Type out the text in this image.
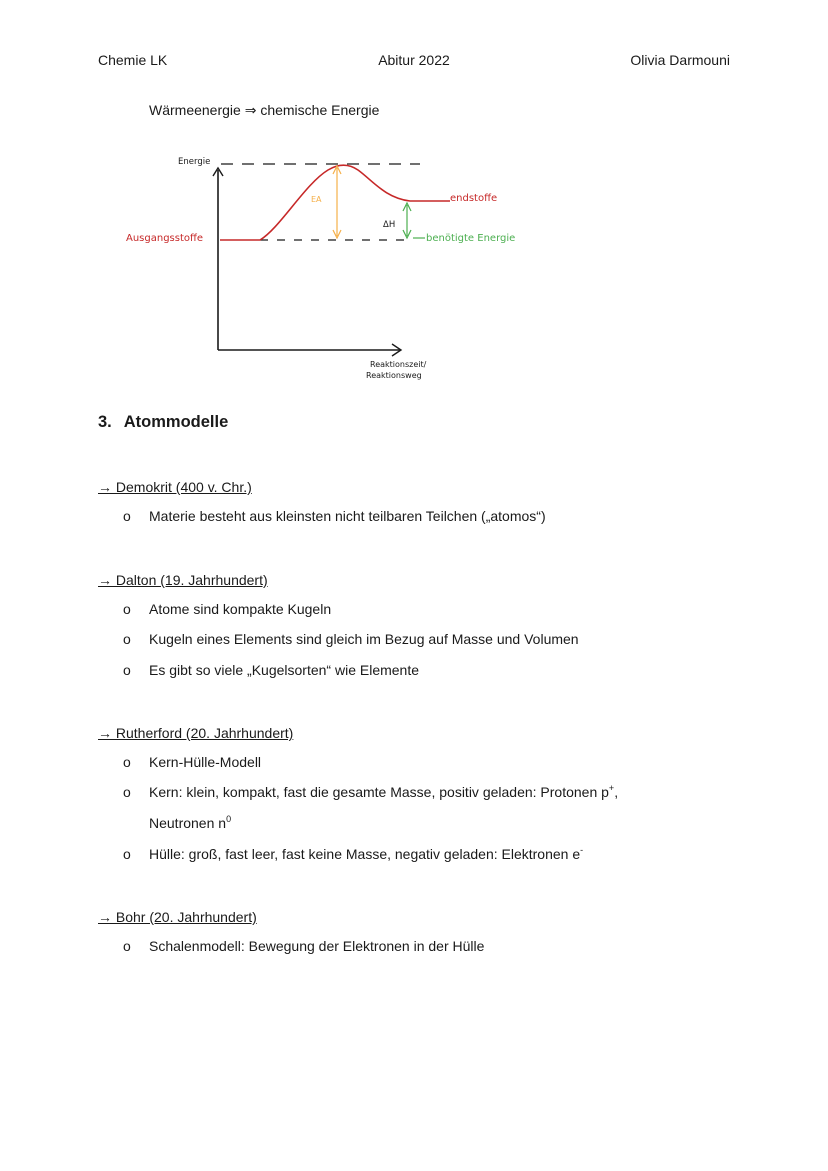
Chemie LK	Abitur 2022	Olivia Darmouni
Wärmeenergie ⇒ chemische Energie
Energie
Ausgangsstoffe
endstoffe
EA
ΔH
benötigte Energie
Reaktionszeit/
Reaktionsweg
3. Atommodelle
→ Demokrit (400 v. Chr.)
o Materie besteht aus kleinsten nicht teilbaren Teilchen („atomos“)
→ Dalton (19. Jahrhundert)
o Atome sind kompakte Kugeln
o Kugeln eines Elements sind gleich im Bezug auf Masse und Volumen
o Es gibt so viele „Kugelsorten“ wie Elemente
→ Rutherford (20. Jahrhundert)
o Kern-Hülle-Modell
o Kern: klein, kompakt, fast die gesamte Masse, positiv geladen: Protonen p+,
Neutronen $n^0$
o Hülle: groß, fast leer, fast keine Masse, negativ geladen: Elektronen e-
→ Bohr (20. Jahrhundert)
o Schalenmodell: Bewegung der Elektronen in der Hülle
